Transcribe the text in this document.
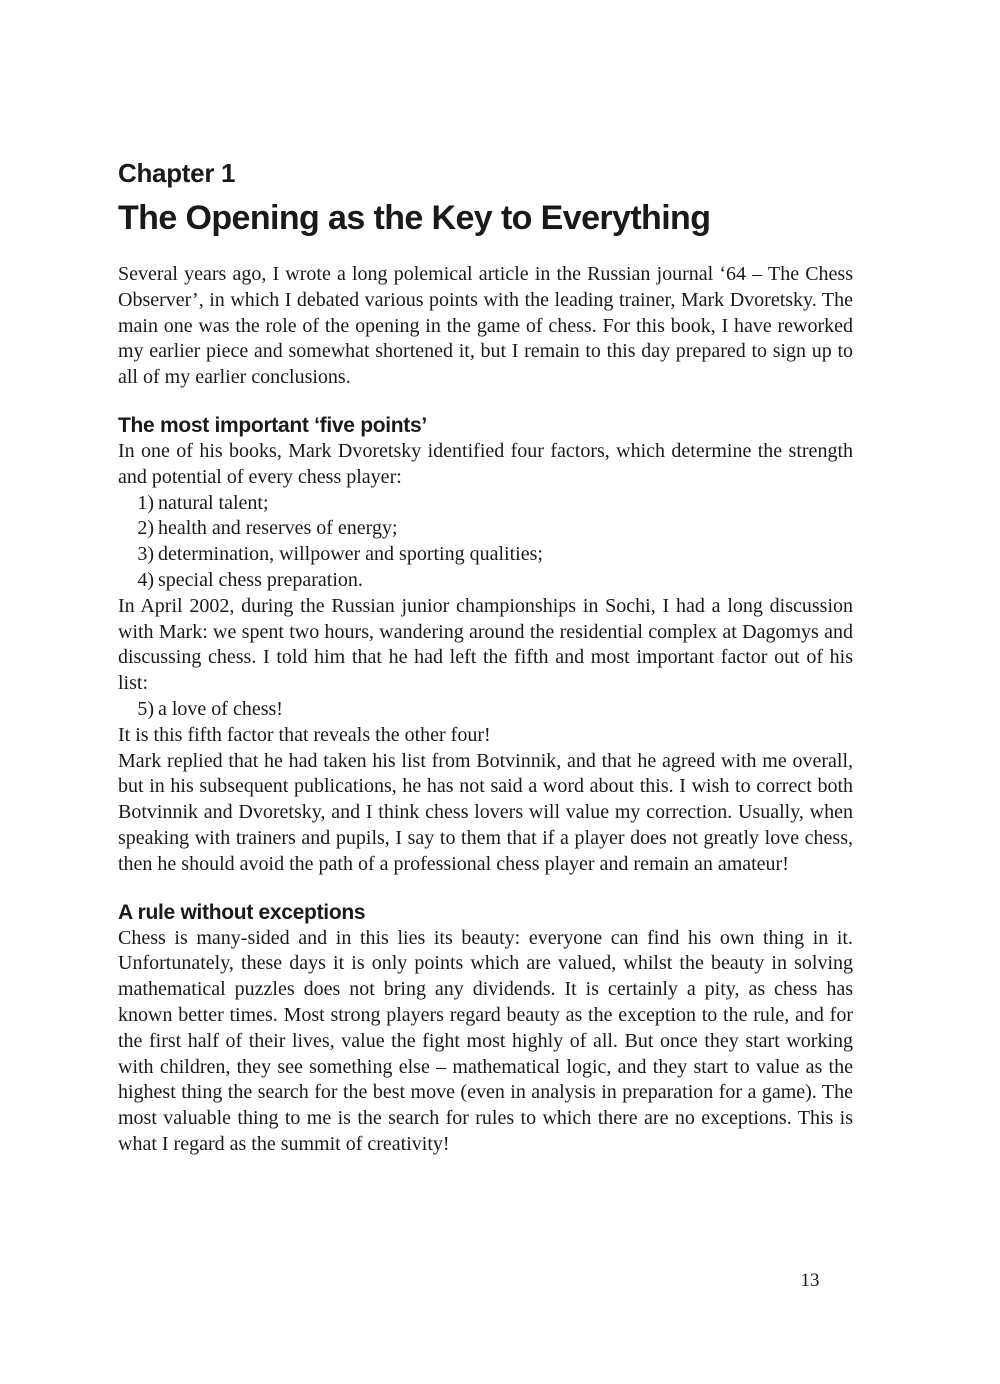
Chapter 1
The Opening as the Key to Everything

Several years ago, I wrote a long polemical article in the Russian journal ‘64 – The Chess Observer’, in which I debated various points with the leading trainer, Mark Dvoretsky. The main one was the role of the opening in the game of chess. For this book, I have reworked my earlier piece and somewhat shortened it, but I remain to this day prepared to sign up to all of my earlier conclusions.

The most important ‘five points’

In one of his books, Mark Dvoretsky identified four factors, which determine the strength and potential of every chess player:

1) natural talent;
2) health and reserves of energy;
3) determination, willpower and sporting qualities;
4) special chess preparation.

In April 2002, during the Russian junior championships in Sochi, I had a long discussion with Mark: we spent two hours, wandering around the residential complex at Dagomys and discussing chess. I told him that he had left the fifth and most important factor out of his list:

5) a love of chess!

It is this fifth factor that reveals the other four!

Mark replied that he had taken his list from Botvinnik, and that he agreed with me overall, but in his subsequent publications, he has not said a word about this. I wish to correct both Botvinnik and Dvoretsky, and I think chess lovers will value my correction. Usually, when speaking with trainers and pupils, I say to them that if a player does not greatly love chess, then he should avoid the path of a professional chess player and remain an amateur!

A rule without exceptions

Chess is many-sided and in this lies its beauty: everyone can find his own thing in it. Unfortunately, these days it is only points which are valued, whilst the beauty in solving mathematical puzzles does not bring any dividends. It is certainly a pity, as chess has known better times. Most strong players regard beauty as the exception to the rule, and for the first half of their lives, value the fight most highly of all. But once they start working with children, they see something else – mathematical logic, and they start to value as the highest thing the search for the best move (even in analysis in preparation for a game). The most valuable thing to me is the search for rules to which there are no exceptions. This is what I regard as the summit of creativity!

13
